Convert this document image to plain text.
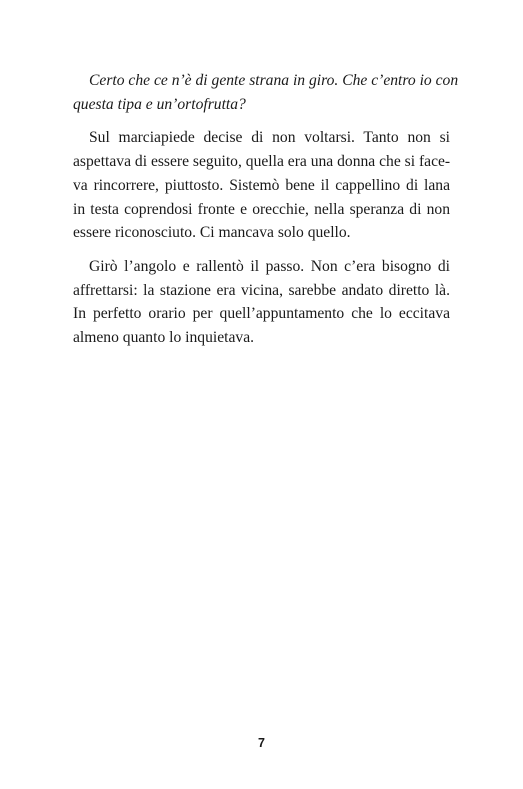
Certo che ce n’è di gente strana in giro. Che c’entro io con
questa tipa e un’ortofrutta?

Sul marciapiede decise di non voltarsi. Tanto non si
aspettava di essere seguito, quella era una donna che si face-
va rincorrere, piuttosto. Sistemò bene il cappellino di lana
in testa coprendosi fronte e orecchie, nella speranza di non
essere riconosciuto. Ci mancava solo quello.

Girò l’angolo e rallentò il passo. Non c’era bisogno di
affrettarsi: la stazione era vicina, sarebbe andato diretto là.
In perfetto orario per quell’appuntamento che lo eccitava
almeno quanto lo inquietava.

7
